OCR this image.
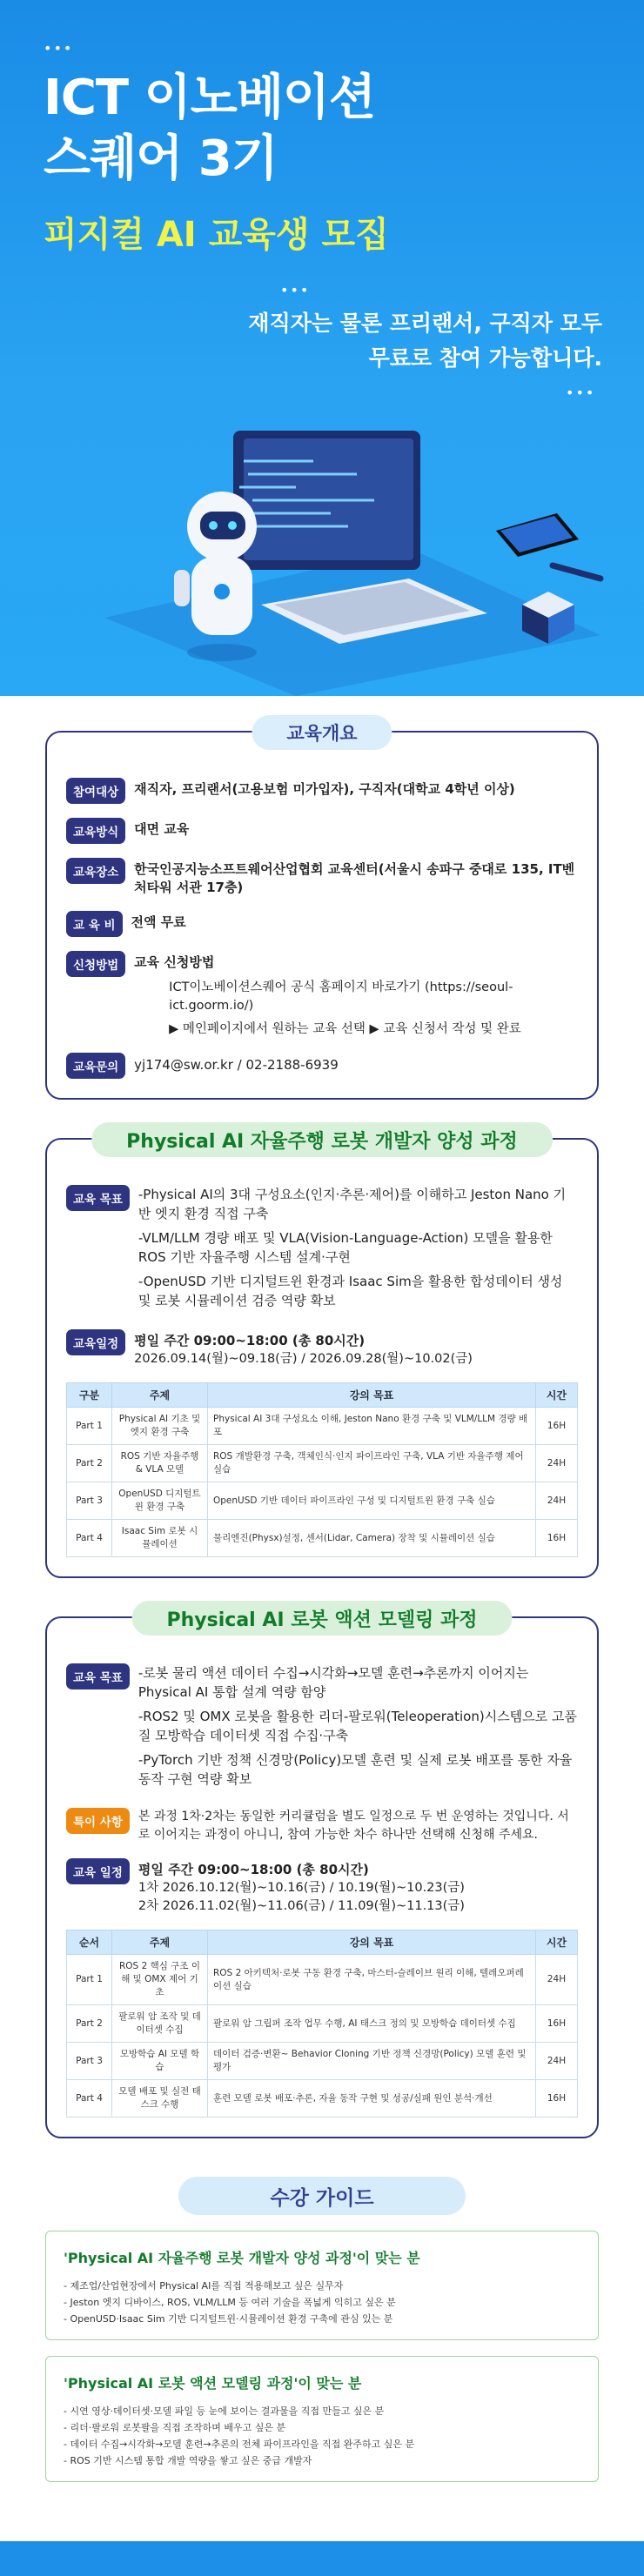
•••
ICT 이노베이션
스퀘어 3기
피지컬 AI 교육생 모집
•••
재직자는 물론 프리랜서, 구직자 모두
무료로 참여 가능합니다.
•••
교육개요
참여대상	재직자, 프리랜서(고용보험 미가입자), 구직자(대학교 4학년 이상)
교육방식	대면 교육
교육장소	한국인공지능소프트웨어산업협회 교육센터(서울시 송파구 중대로 135, IT벤처타워 서관 17층)
교 육 비	전액 무료
신청방법	교육 신청방법
ICT이노베이션스퀘어 공식 홈페이지 바로가기 (https://seoul-ict.goorm.io/)
▶ 메인페이지에서 원하는 교육 선택 ▶ 교육 신청서 작성 및 완료
교육문의	yj174@sw.or.kr / 02-2188-6939
Physical AI 자율주행 로봇 개발자 양성 과정
교육 목표	-Physical AI의 3대 구성요소(인지·추론·제어)를 이해하고 Jeston Nano 기반 엣지 환경 직접 구축
-VLM/LLM 경량 배포 및 VLA(Vision-Language-Action) 모델을 활용한 ROS 기반 자율주행 시스템 설계·구현
-OpenUSD 기반 디지털트윈 환경과 Isaac Sim을 활용한 합성데이터 생성 및 로봇 시뮬레이션 검증 역량 확보
교육일정	평일 주간 09:00~18:00 (총 80시간)
2026.09.14(월)~09.18(금) / 2026.09.28(월)~10.02(금)
구분	주제	강의 목표	시간
Part 1	Physical AI 기초 및 엣지 환경 구축	Physical AI 3대 구성요소 이해, Jeston Nano 환경 구축 및 VLM/LLM 경량 배포	16H
Part 2	ROS 기반 자율주행& VLA 모델	ROS 개발환경 구축, 객체인식·인지 파이프라인 구축, VLA 기반 자율주행 제어 실습	24H
Part 3	OpenUSD 디지털트윈 환경 구축	OpenUSD 기반 데이터 파이프라인 구성 및 디지털트윈 환경 구축 실습	24H
Part 4	Isaac Sim 로봇 시뮬레이션	물리엔진(Physx)설정, 센서(Lidar, Camera) 장착 및 시뮬레이션 실습	16H
Physical AI 로봇 액션 모델링 과정
교육 목표	-로봇 물리 액션 데이터 수집→시각화→모델 훈련→추론까지 이어지는 Physical AI 통합 설계 역량 함양
-ROS2 및 OMX 로봇을 활용한 리더-팔로워(Teleoperation)시스템으로 고품질 모방학습 데이터셋 직접 수집·구축
-PyTorch 기반 정책 신경망(Policy)모델 훈련 및 실제 로봇 배포를 통한 자율 동작 구현 역량 확보
특이 사항	본 과정 1차·2차는 동일한 커리큘럼을 별도 일정으로 두 번 운영하는 것입니다. 서로 이어지는 과정이 아니니, 참여 가능한 차수 하나만 선택해 신청해 주세요.
교육 일정	평일 주간 09:00~18:00 (총 80시간)
1차 2026.10.12(월)~10.16(금) / 10.19(월)~10.23(금)
2차 2026.11.02(월)~11.06(금) / 11.09(월)~11.13(금)
순서	주제	강의 목표	시간
Part 1	ROS 2 핵심 구조 이해 및 OMX 제어 기초	ROS 2 아키텍처·로봇 구동 환경 구축, 마스터-슬레이브 원리 이해, 텔레오퍼레이션 실습	24H
Part 2	팔로워 암 조작 및 데이터셋 수집	팔로워 암 그립퍼 조작 업무 수행, AI 태스크 정의 및 모방학습 데이터셋 수집	16H
Part 3	모방학습 AI 모델 학습	데이터 검증·변환~ Behavior Cloning 기반 정책 신경망(Policy) 모델 훈련 및 평가	24H
Part 4	모델 배포 및 실전 태스크 수행	훈련 모델 로봇 배포·추론, 자율 동작 구현 및 성공/실패 원인 분석·개선	16H
수강 가이드
'Physical AI 자율주행 로봇 개발자 양성 과정'이 맞는 분
- 제조업/산업현장에서 Physical AI를 직접 적용해보고 싶은 실무자
- Jeston 엣지 디바이스, ROS, VLM/LLM 등 여러 기술을 폭넓게 익히고 싶은 분
- OpenUSD·Isaac Sim 기반 디지털트윈·시뮬레이션 환경 구축에 관심 있는 분
'Physical AI 로봇 액션 모델링 과정'이 맞는 분
- 시연 영상·데이터셋·모델 파일 등 눈에 보이는 결과물을 직접 만들고 싶은 분
- 리더·팔로워 로봇팔을 직접 조작하며 배우고 싶은 분
- 데이터 수집→시각화→모델 훈련→추론의 전체 파이프라인을 직접 완주하고 싶은 분
- ROS 기반 시스템 통합 개발 역량을 쌓고 싶은 중급 개발자
